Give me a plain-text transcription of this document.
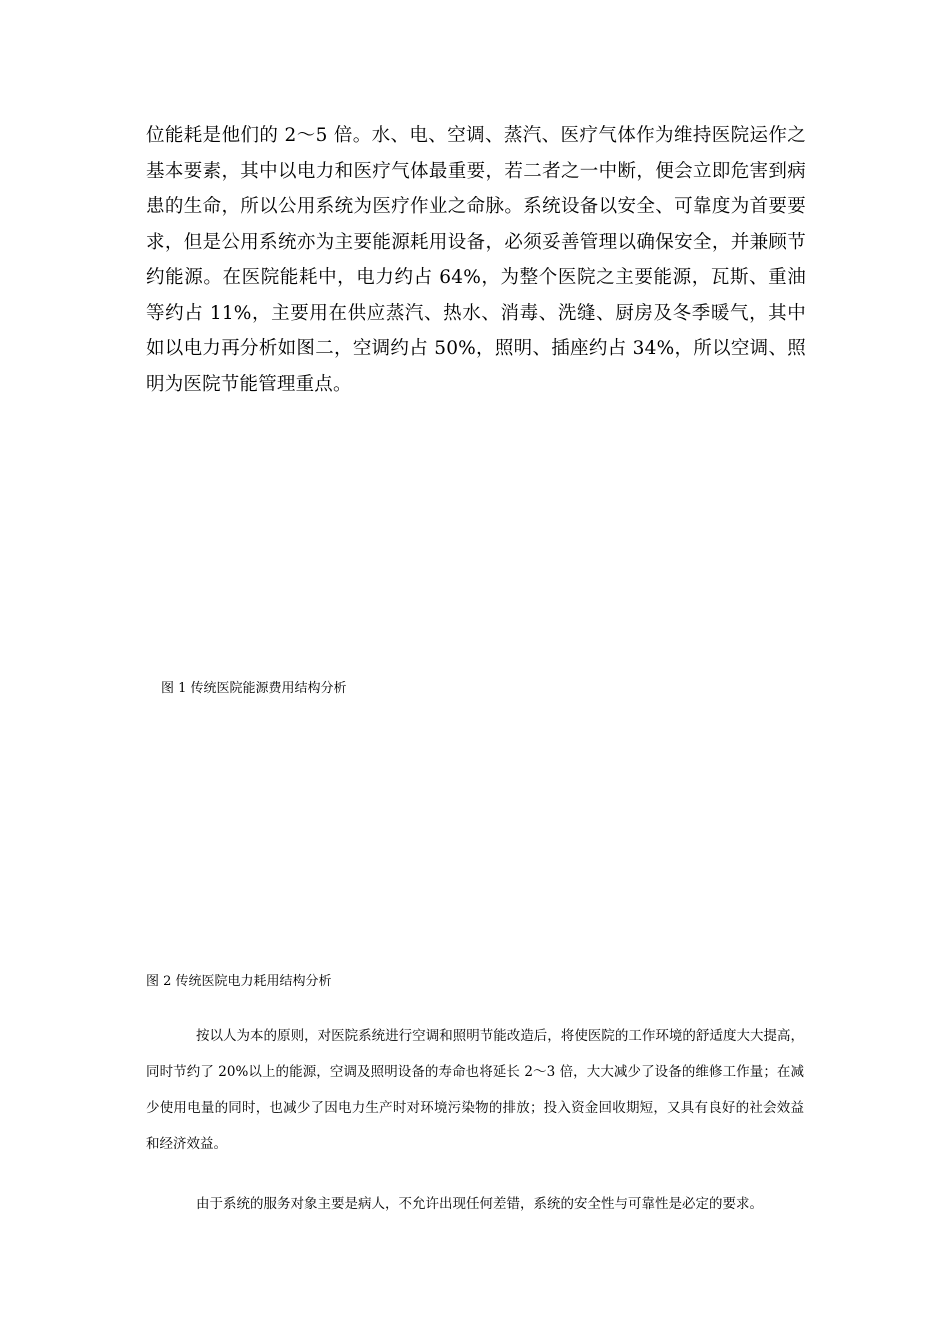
位能耗是他们的 2～5 倍。水、电、空调、蒸汽、医疗气体作为维持医院运作之基本要素，其中以电力和医疗气体最重要，若二者之一中断，便会立即危害到病患的生命，所以公用系统为医疗作业之命脉。系统设备以安全、可靠度为首要要求，但是公用系统亦为主要能源耗用设备，必须妥善管理以确保安全，并兼顾节约能源。在医院能耗中，电力约占 64%，为整个医院之主要能源，瓦斯、重油等约占 11%，主要用在供应蒸汽、热水、消毒、洗缝、厨房及冬季暖气，其中如以电力再分析如图二，空调约占 50%，照明、插座约占 34%，所以空调、照明为医院节能管理重点。

图 1 传统医院能源费用结构分析

图 2 传统医院电力耗用结构分析

按以人为本的原则，对医院系统进行空调和照明节能改造后，将使医院的工作环境的舒适度大大提高，同时节约了 20%以上的能源，空调及照明设备的寿命也将延长 2～3 倍，大大减少了设备的维修工作量；在减少使用电量的同时，也减少了因电力生产时对环境污染物的排放；投入资金回收期短，又具有良好的社会效益和经济效益。

由于系统的服务对象主要是病人，不允许出现任何差错，系统的安全性与可靠性是必定的要求。
